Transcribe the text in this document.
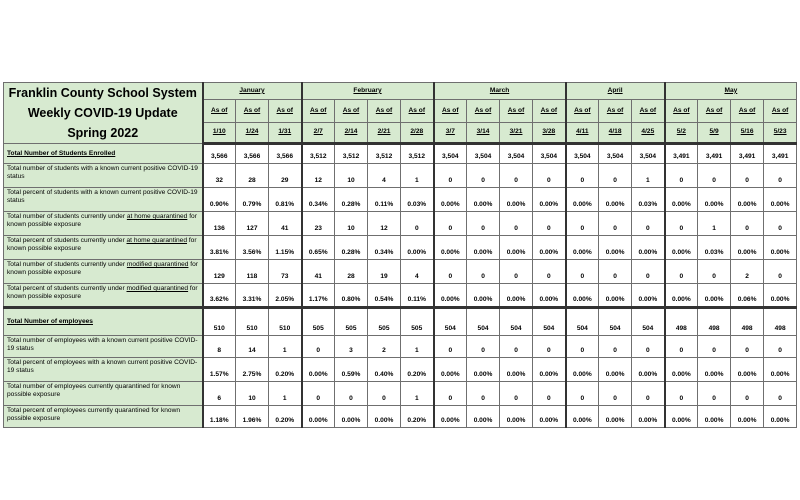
Franklin County School System
Weekly COVID-19 Update
Spring 2022	January			February				March				April			May			
	As of	As of	As of	As of	As of	As of	As of	As of	As of	As of	As of	As of	As of	As of	As of	As of	As of	As of
	1/10	1/24	1/31	2/7	2/14	2/21	2/28	3/7	3/14	3/21	3/28	4/11	4/18	4/25	5/2	5/9	5/16	5/23
Total Number of Students Enrolled	3,566	3,566	3,566	3,512	3,512	3,512	3,512	3,504	3,504	3,504	3,504	3,504	3,504	3,504	3,491	3,491	3,491	3,491
Total number of students with a known current positive COVID-19 status	32	28	29	12	10	4	1	0	0	0	0	0	0	1	0	0	0	0
Total percent of students with a known current positive COVID-19 status	0.90%	0.79%	0.81%	0.34%	0.28%	0.11%	0.03%	0.00%	0.00%	0.00%	0.00%	0.00%	0.00%	0.03%	0.00%	0.00%	0.00%	0.00%
Total number of students currently under at home quarantined for known possible exposure	136	127	41	23	10	12	0	0	0	0	0	0	0	0	0	1	0	0
Total percent of students currently under at home quarantined for known possible exposure	3.81%	3.56%	1.15%	0.65%	0.28%	0.34%	0.00%	0.00%	0.00%	0.00%	0.00%	0.00%	0.00%	0.00%	0.00%	0.03%	0.00%	0.00%
Total number of students currently under modified quarantined for known possible exposure	129	118	73	41	28	19	4	0	0	0	0	0	0	0	0	0	2	0
Total percent of students currently under modified quarantined for known possible exposure	3.62%	3.31%	2.05%	1.17%	0.80%	0.54%	0.11%	0.00%	0.00%	0.00%	0.00%	0.00%	0.00%	0.00%	0.00%	0.00%	0.06%	0.00%
Total Number of employees	510	510	510	505	505	505	505	504	504	504	504	504	504	504	498	498	498	498
Total number of employees with a known current positive COVID-19 status	8	14	1	0	3	2	1	0	0	0	0	0	0	0	0	0	0	0
Total percent of employees with a known current positive COVID-19 status	1.57%	2.75%	0.20%	0.00%	0.59%	0.40%	0.20%	0.00%	0.00%	0.00%	0.00%	0.00%	0.00%	0.00%	0.00%	0.00%	0.00%	0.00%
Total number of employees currently quarantined for known possible exposure	6	10	1	0	0	0	1	0	0	0	0	0	0	0	0	0	0	0
Total percent of employees currently quarantined for known possible exposure	1.18%	1.96%	0.20%	0.00%	0.00%	0.00%	0.20%	0.00%	0.00%	0.00%	0.00%	0.00%	0.00%	0.00%	0.00%	0.00%	0.00%	0.00%
